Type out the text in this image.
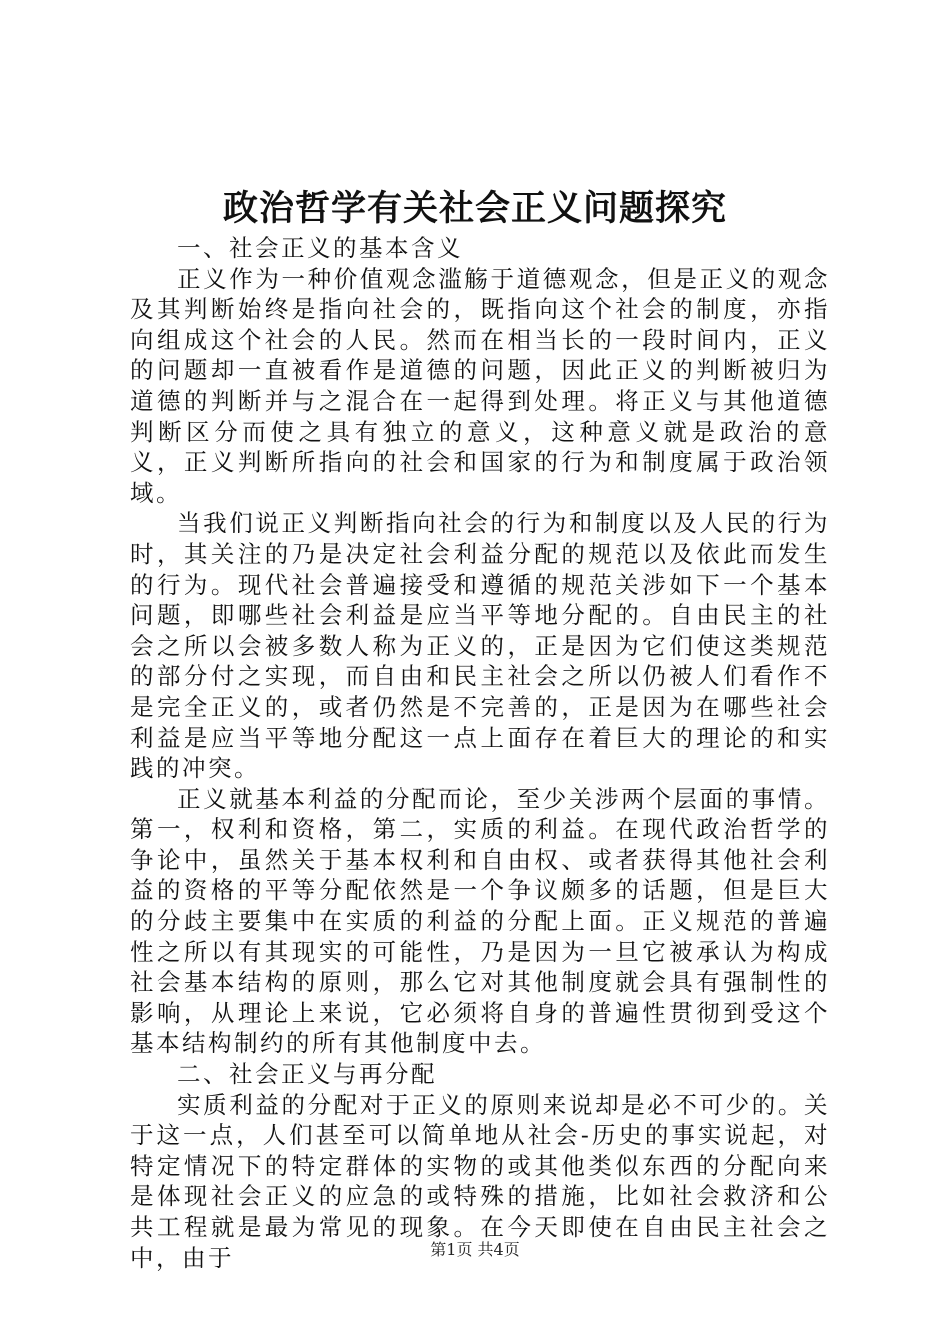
政治哲学有关社会正义问题探究

一、社会正义的基本含义

正义作为一种价值观念滥觞于道德观念，但是正义的观念及其判断始终是指向社会的，既指向这个社会的制度，亦指向组成这个社会的人民。然而在相当长的一段时间内，正义的问题却一直被看作是道德的问题，因此正义的判断被归为道德的判断并与之混合在一起得到处理。将正义与其他道德判断区分而使之具有独立的意义，这种意义就是政治的意义，正义判断所指向的社会和国家的行为和制度属于政治领域。

当我们说正义判断指向社会的行为和制度以及人民的行为时，其关注的乃是决定社会利益分配的规范以及依此而发生的行为。现代社会普遍接受和遵循的规范关涉如下一个基本问题，即哪些社会利益是应当平等地分配的。自由民主的社会之所以会被多数人称为正义的，正是因为它们使这类规范的部分付之实现，而自由和民主社会之所以仍被人们看作不是完全正义的，或者仍然是不完善的，正是因为在哪些社会利益是应当平等地分配这一点上面存在着巨大的理论的和实践的冲突。

正义就基本利益的分配而论，至少关涉两个层面的事情。第一，权利和资格，第二，实质的利益。在现代政治哲学的争论中，虽然关于基本权利和自由权、或者获得其他社会利益的资格的平等分配依然是一个争议颇多的话题，但是巨大的分歧主要集中在实质的利益的分配上面。正义规范的普遍性之所以有其现实的可能性，乃是因为一旦它被承认为构成社会基本结构的原则，那么它对其他制度就会具有强制性的影响，从理论上来说，它必须将自身的普遍性贯彻到受这个基本结构制约的所有其他制度中去。

二、社会正义与再分配

实质利益的分配对于正义的原则来说却是必不可少的。关于这一点，人们甚至可以简单地从社会-历史的事实说起，对特定情况下的特定群体的实物的或其他类似东西的分配向来是体现社会正义的应急的或特殊的措施，比如社会救济和公共工程就是最为常见的现象。在今天即使在自由民主社会之中，由于	第1页 共4页
